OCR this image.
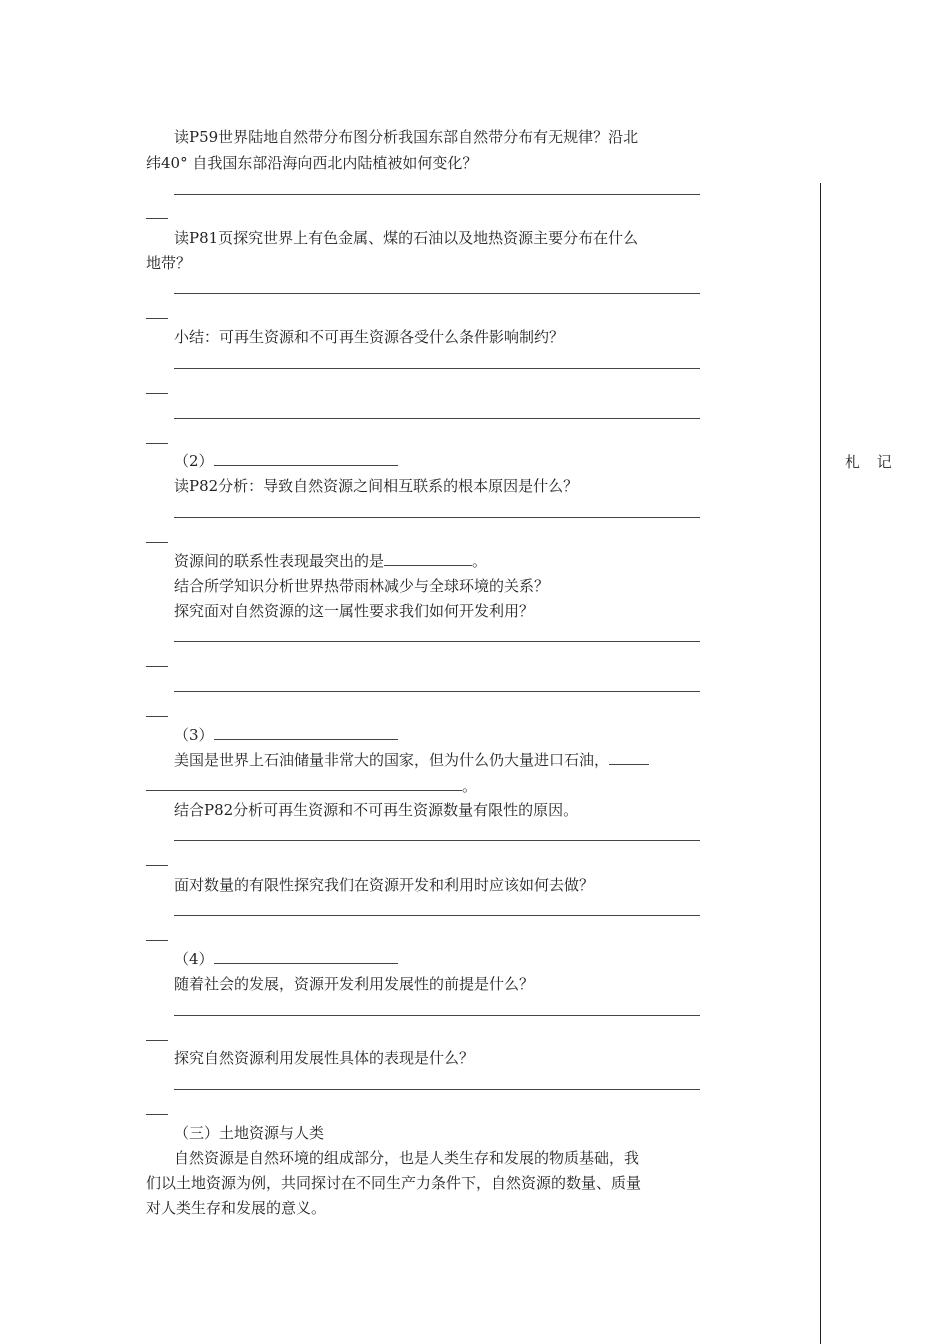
读P59世界陆地自然带分布图分析我国东部自然带分布有无规律？沿北
纬40° 自我国东部沿海向西北内陆植被如何变化？
读P81页探究世界上有色金属、煤的石油以及地热资源主要分布在什么
地带？
小结：可再生资源和不可再生资源各受什么条件影响制约？
（2）
读P82分析：导致自然资源之间相互联系的根本原因是什么？
资源间的联系性表现最突出的是	。
结合所学知识分析世界热带雨林减少与全球环境的关系？
探究面对自然资源的这一属性要求我们如何开发利用？
（3）
美国是世界上石油储量非常大的国家，但为什么仍大量进口石油，
。
结合P82分析可再生资源和不可再生资源数量有限性的原因。
面对数量的有限性探究我们在资源开发和利用时应该如何去做？
（4）
随着社会的发展，资源开发利用发展性的前提是什么？
探究自然资源利用发展性具体的表现是什么？
（三）土地资源与人类
自然资源是自然环境的组成部分，也是人类生存和发展的物质基础，我
们以土地资源为例，共同探讨在不同生产力条件下，自然资源的数量、质量
对人类生存和发展的意义。
札 记
